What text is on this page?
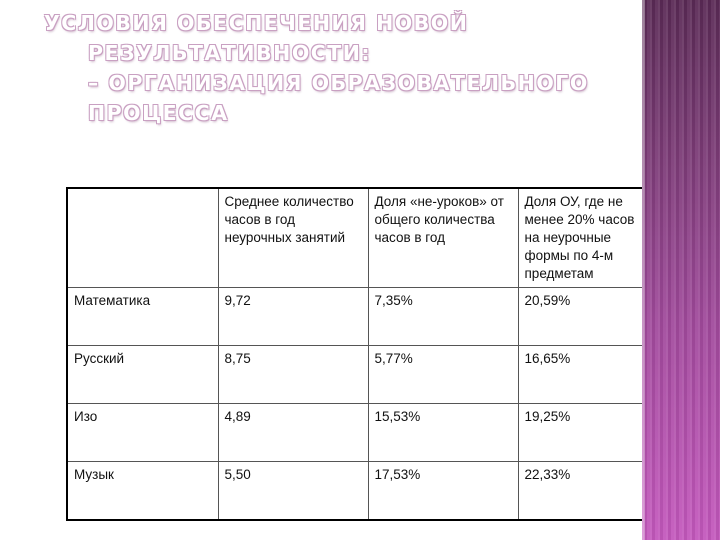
УСЛОВИЯ ОБЕСПЕЧЕНИЯ НОВОЙ
РЕЗУЛЬТАТИВНОСТИ:
– ОРГАНИЗАЦИЯ ОБРАЗОВАТЕЛЬНОГО
ПРОЦЕССА
	Среднее количество часов в год неурочных занятий	Доля «не-уроков» от общего количества часов в год	Доля ОУ, где не менее 20% часов на неурочные формы по 4-м предметам
Математика	9,72	7,35%	20,59%
Русский	8,75	5,77%	16,65%
Изо	4,89	15,53%	19,25%
Музык	5,50	17,53%	22,33%
